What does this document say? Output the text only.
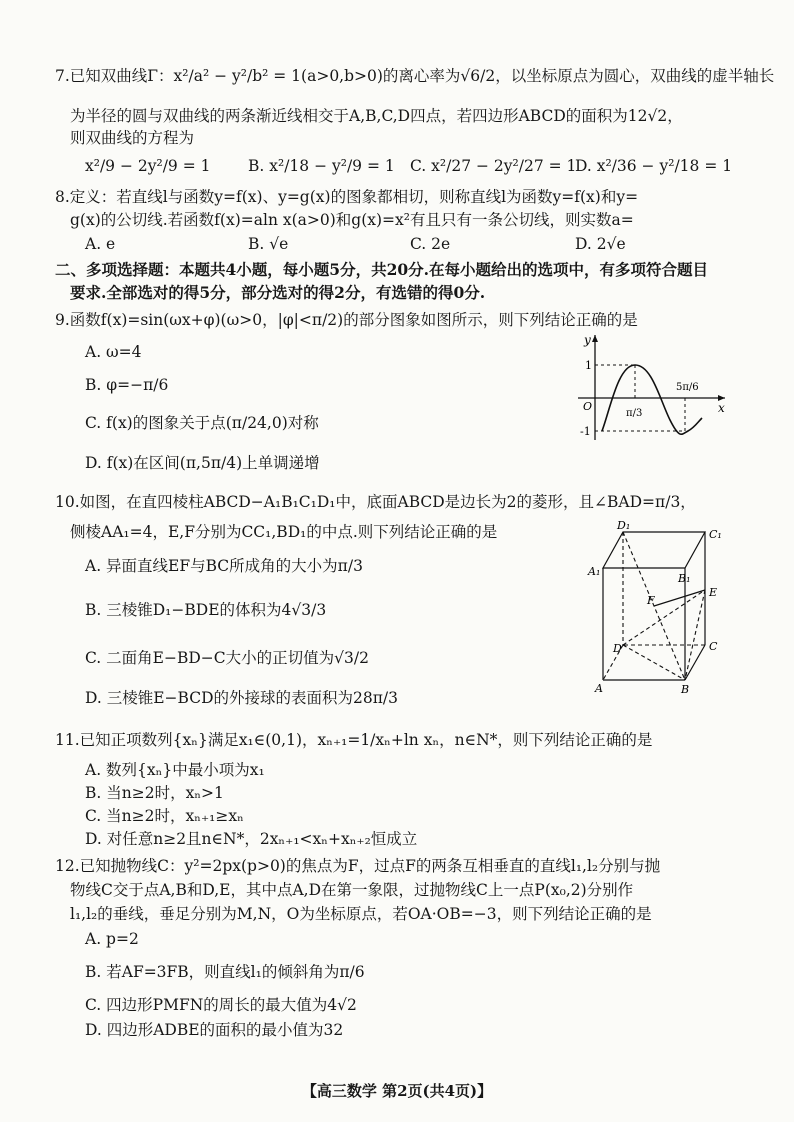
7.已知双曲线Γ：x²/a² − y²/b² = 1(a>0,b>0)的离心率为√6/2，以坐标原点为圆心，双曲线的虚半轴长
为半径的圆与双曲线的两条渐近线相交于A,B,C,D四点，若四边形ABCD的面积为12√2，
则双曲线的方程为
x²/9 − 2y²/9 = 1 B. x²/18 − y²/9 = 1 C. x²/27 − 2y²/27 = 1
D. x²/36 − y²/18 = 1
8.定义：若直线l与函数y=f(x)、y=g(x)的图象都相切，则称直线l为函数y=f(x)和y=
g(x)的公切线.若函数f(x)=aln x(a>0)和g(x)=x²有且只有一条公切线，则实数a=
A. e	B. √e	C. 2e	D. 2√e
二、多项选择题：本题共4小题，每小题5分，共20分.在每小题给出的选项中，有多项符合题目
要求.全部选对的得5分，部分选对的得2分，有选错的得0分.
9.函数f(x)=sin(ωx+φ)(ω>0，|φ|<π/2)的部分图象如图所示，则下列结论正确的是
A. ω=4
B. φ=−π/6
C. f(x)的图象关于点(π/24,0)对称
D. f(x)在区间(π,5π/4)上单调递增
10.如图，在直四棱柱ABCD−A₁B₁C₁D₁中，底面ABCD是边长为2的菱形，且∠BAD=π/3，
侧棱AA₁=4，E,F分别为CC₁,BD₁的中点.则下列结论正确的是
A. 异面直线EF与BC所成角的大小为π/3
B. 三棱锥D₁−BDE的体积为4√3/3
C. 二面角E−BD−C大小的正切值为√3/2
D. 三棱锥E−BCD的外接球的表面积为28π/3
11.已知正项数列{xₙ}满足x₁∈(0,1)，xₙ₊₁=1/xₙ+ln xₙ，n∈N*，则下列结论正确的是
A. 数列{xₙ}中最小项为x₁
B. 当n≥2时，xₙ>1
C. 当n≥2时，xₙ₊₁≥xₙ
D. 对任意n≥2且n∈N*，2xₙ₊₁<xₙ+xₙ₊₂恒成立
12.已知抛物线C：y²=2px(p>0)的焦点为F，过点F的两条互相垂直的直线l₁,l₂分别与抛
物线C交于点A,B和D,E，其中点A,D在第一象限，过抛物线C上一点P(x₀,2)分别作
l₁,l₂的垂线，垂足分别为M,N，O为坐标原点，若OA·OB=−3，则下列结论正确的是
A. p=2
B. 若AF=3FB，则直线l₁的倾斜角为π/6
C. 四边形PMFN的周长的最大值为4√2
D. 四边形ADBE的面积的最小值为32
y
1
-1
O	x
π/3
5π/6
D₁
C₁
A₁
B₁
F
E
D	C
A	B
【高三数学 第2页(共4页)】
